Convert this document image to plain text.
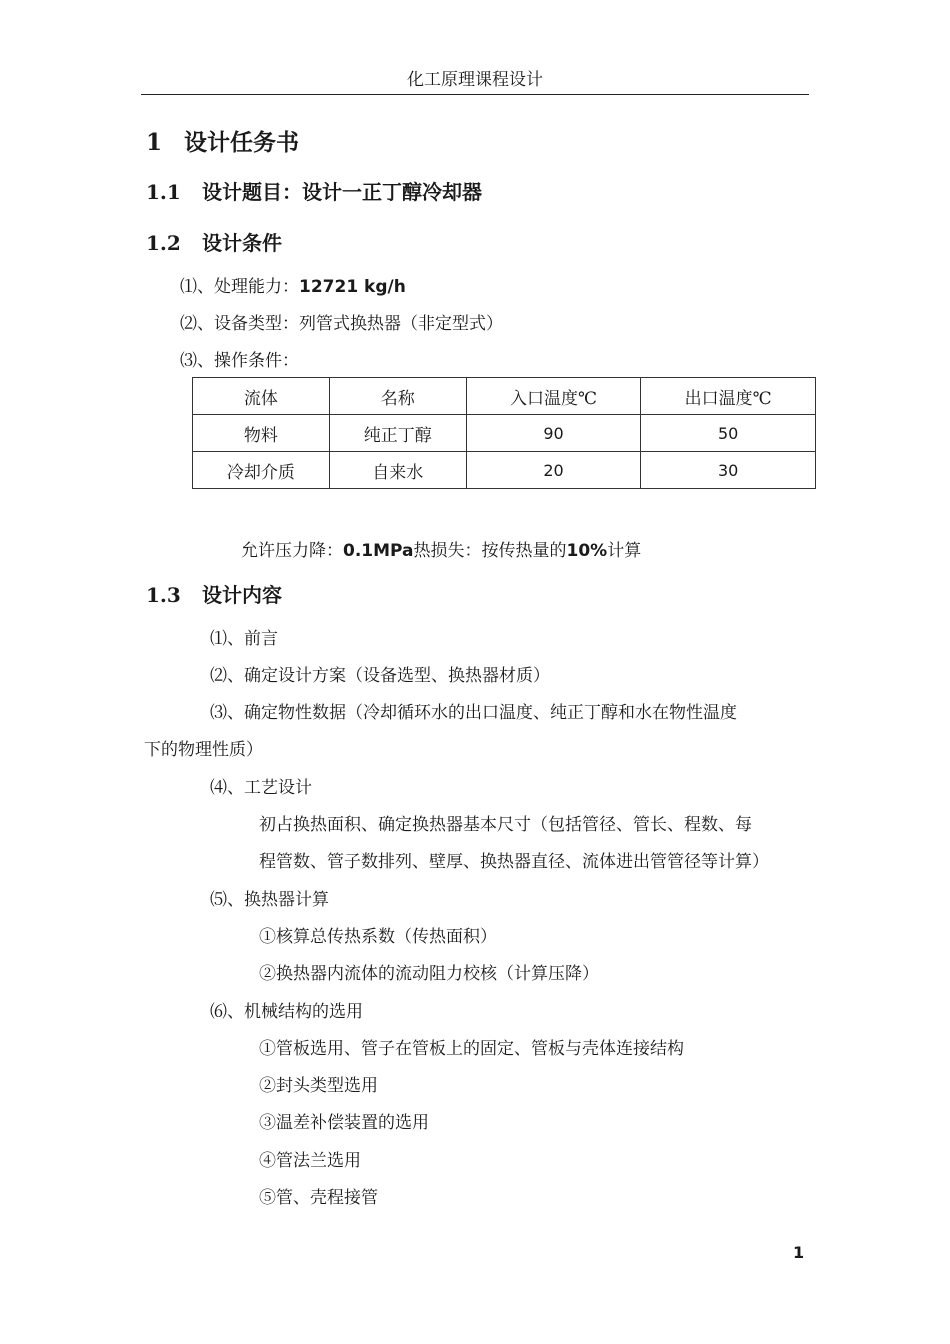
化工原理课程设计
1 设计任务书
1.1 设计题目：设计一正丁醇冷却器
1.2 设计条件
⑴、处理能力：12721 kg/h
⑵、设备类型：列管式换热器（非定型式）
⑶、操作条件：
流体	名称	入口温度℃	出口温度℃
物料	纯正丁醇	90	50
冷却介质	自来水	20	30
允许压力降：0.1MPa热损失：按传热量的10%计算
1.3 设计内容
⑴、前言
⑵、确定设计方案（设备选型、换热器材质）
⑶、确定物性数据（冷却循环水的出口温度、纯正丁醇和水在物性温度
下的物理性质）
⑷、工艺设计
初占换热面积、确定换热器基本尺寸（包括管径、管长、程数、每
程管数、管子数排列、壁厚、换热器直径、流体进出管管径等计算）
⑸、换热器计算
①核算总传热系数（传热面积）
②换热器内流体的流动阻力校核（计算压降）
⑹、机械结构的选用
①管板选用、管子在管板上的固定、管板与壳体连接结构
②封头类型选用
③温差补偿装置的选用
④管法兰选用
⑤管、壳程接管
1
